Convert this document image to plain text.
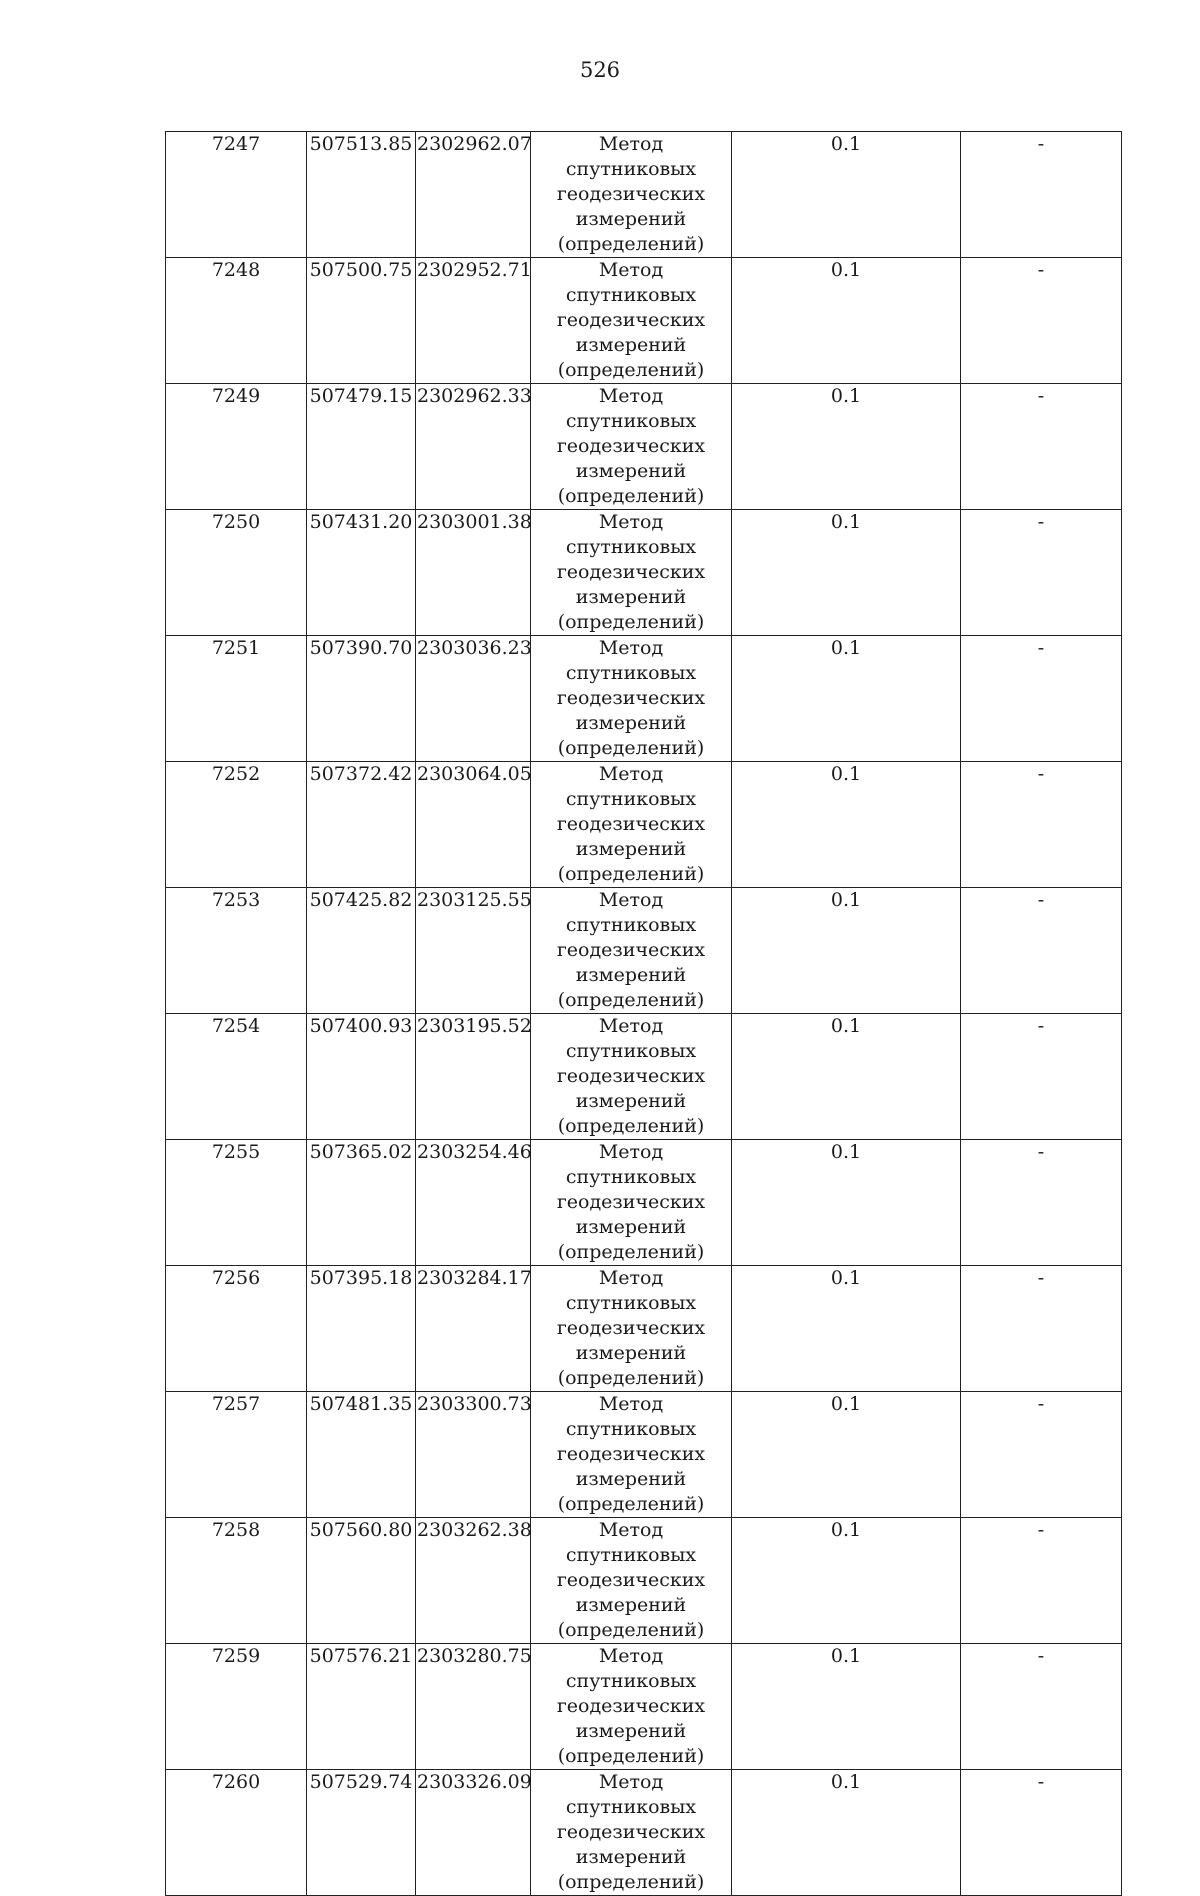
526
7247	507513.85	2302962.07	Метод спутниковых геодезических измерений (определений)	0.1	-
7248	507500.75	2302952.71	Метод спутниковых геодезических измерений (определений)	0.1	-
7249	507479.15	2302962.33	Метод спутниковых геодезических измерений (определений)	0.1	-
7250	507431.20	2303001.38	Метод спутниковых геодезических измерений (определений)	0.1	-
7251	507390.70	2303036.23	Метод спутниковых геодезических измерений (определений)	0.1	-
7252	507372.42	2303064.05	Метод спутниковых геодезических измерений (определений)	0.1	-
7253	507425.82	2303125.55	Метод спутниковых геодезических измерений (определений)	0.1	-
7254	507400.93	2303195.52	Метод спутниковых геодезических измерений (определений)	0.1	-
7255	507365.02	2303254.46	Метод спутниковых геодезических измерений (определений)	0.1	-
7256	507395.18	2303284.17	Метод спутниковых геодезических измерений (определений)	0.1	-
7257	507481.35	2303300.73	Метод спутниковых геодезических измерений (определений)	0.1	-
7258	507560.80	2303262.38	Метод спутниковых геодезических измерений (определений)	0.1	-
7259	507576.21	2303280.75	Метод спутниковых геодезических измерений (определений)	0.1	-
7260	507529.74	2303326.09	Метод спутниковых геодезических измерений (определений)	0.1	-
